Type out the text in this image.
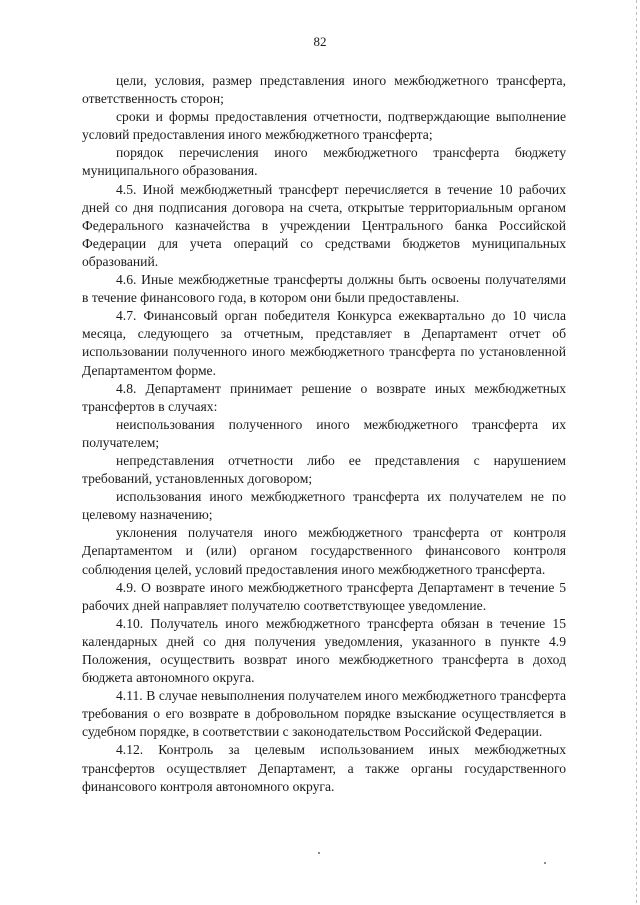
82

цели, условия, размер представления иного межбюджетного трансферта, ответственность сторон;

сроки и формы предоставления отчетности, подтверждающие выполнение условий предоставления иного межбюджетного трансферта;

порядок перечисления иного межбюджетного трансферта бюджету муниципального образования.

4.5. Иной межбюджетный трансферт перечисляется в течение 10 рабочих дней со дня подписания договора на счета, открытые территориальным органом Федерального казначейства в учреждении Центрального банка Российской Федерации для учета операций со средствами бюджетов муниципальных образований.

4.6. Иные межбюджетные трансферты должны быть освоены получателями в течение финансового года, в котором они были предоставлены.

4.7. Финансовый орган победителя Конкурса ежеквартально до 10 числа месяца, следующего за отчетным, представляет в Департамент отчет об использовании полученного иного межбюджетного трансферта по установленной Департаментом форме.

4.8. Департамент принимает решение о возврате иных межбюджетных трансфертов в случаях:

неиспользования полученного иного межбюджетного трансферта их получателем;

непредставления отчетности либо ее представления с нарушением требований, установленных договором;

использования иного межбюджетного трансферта их получателем не по целевому назначению;

уклонения получателя иного межбюджетного трансферта от контроля Департаментом и (или) органом государственного финансового контроля соблюдения целей, условий предоставления иного межбюджетного трансферта.

4.9. О возврате иного межбюджетного трансферта Департамент в течение 5 рабочих дней направляет получателю соответствующее уведомление.

4.10. Получатель иного межбюджетного трансферта обязан в течение 15 календарных дней со дня получения уведомления, указанного в пункте 4.9 Положения, осуществить возврат иного межбюджетного трансферта в доход бюджета автономного округа.

4.11. В случае невыполнения получателем иного межбюджетного трансферта требования о его возврате в добровольном порядке взыскание осуществляется в судебном порядке, в соответствии с законодательством Российской Федерации.

4.12. Контроль за целевым использованием иных межбюджетных трансфертов осуществляет Департамент, а также органы государственного финансового контроля автономного округа.
